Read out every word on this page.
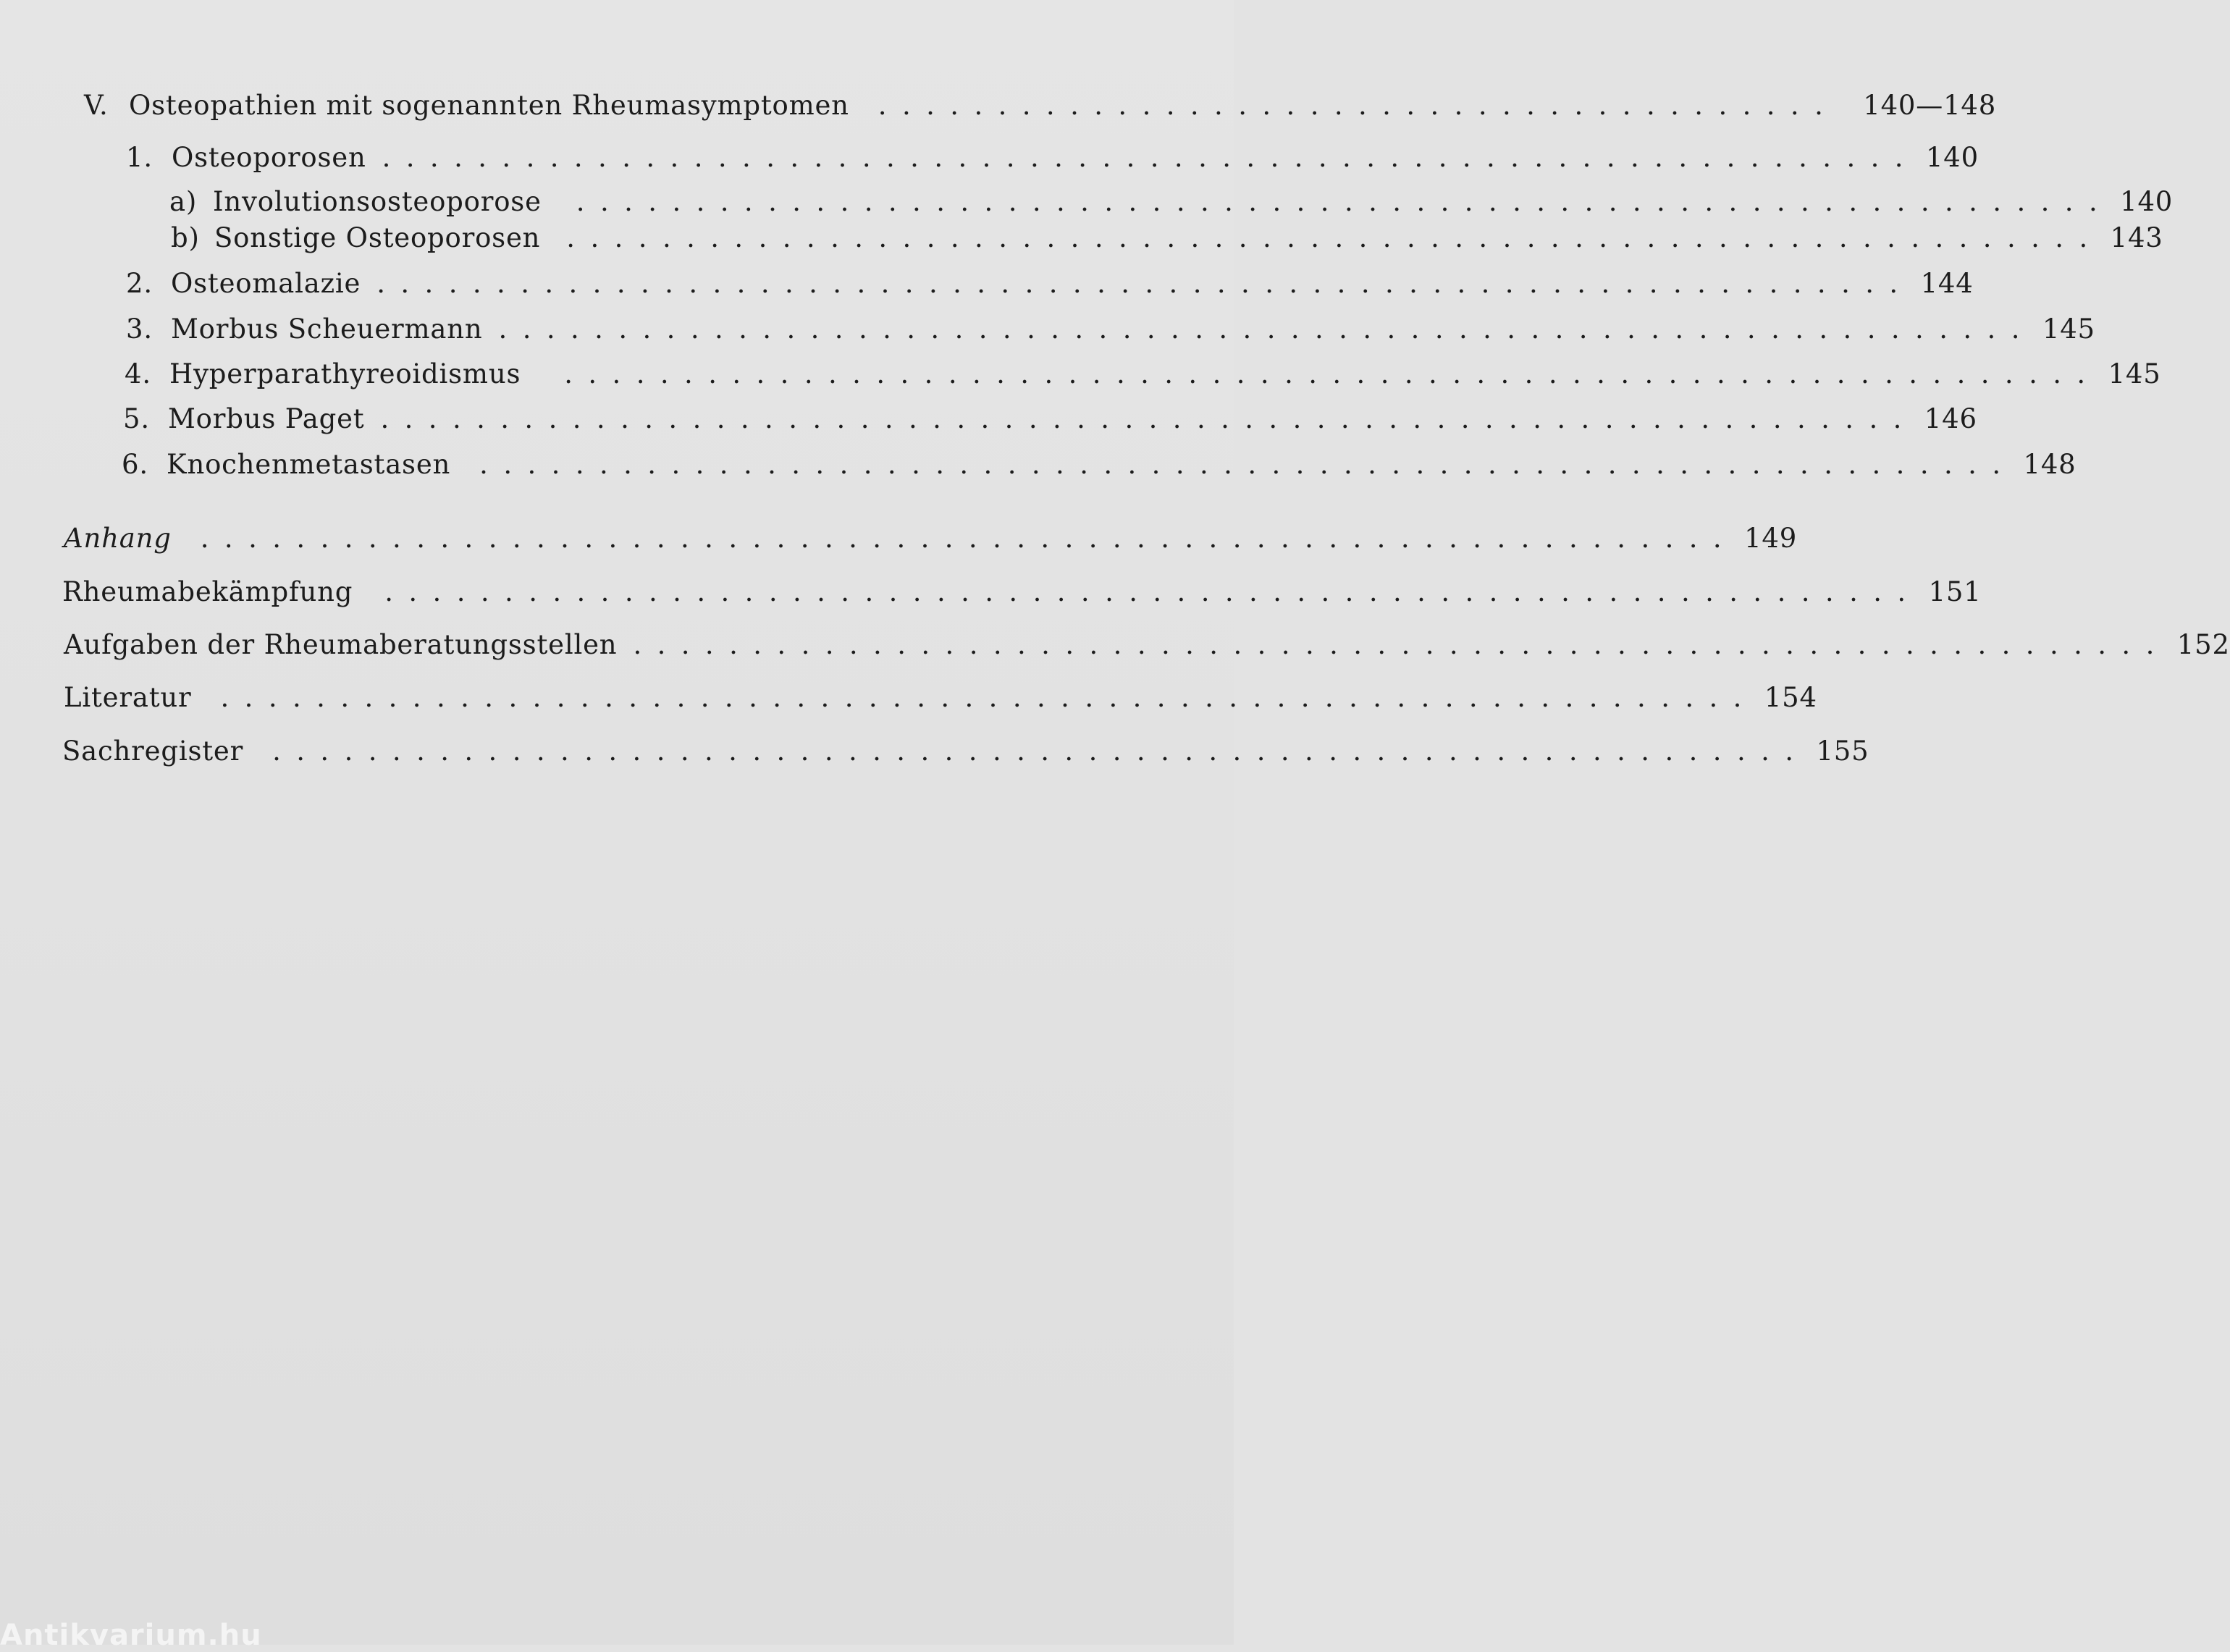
V. Osteopathien mit sogenannten Rheumasymptomen ........................................ 140—148
1. Osteoporosen ................................................................ 140
a) Involutionsosteoporose ................................................................ 140
b) Sonstige Osteoporosen ................................................................ 143
2. Osteomalazie ................................................................ 144
3. Morbus Scheuermann ................................................................ 145
4. Hyperparathyreoidismus ................................................................ 145
5. Morbus Paget ................................................................ 146
6. Knochenmetastasen ................................................................ 148
Anhang ................................................................ 149
Rheumabekämpfung ................................................................ 151
Aufgaben der Rheumaberatungsstellen ................................................................ 152
Literatur ................................................................ 154
Sachregister ................................................................ 155
Antikvarium.hu
